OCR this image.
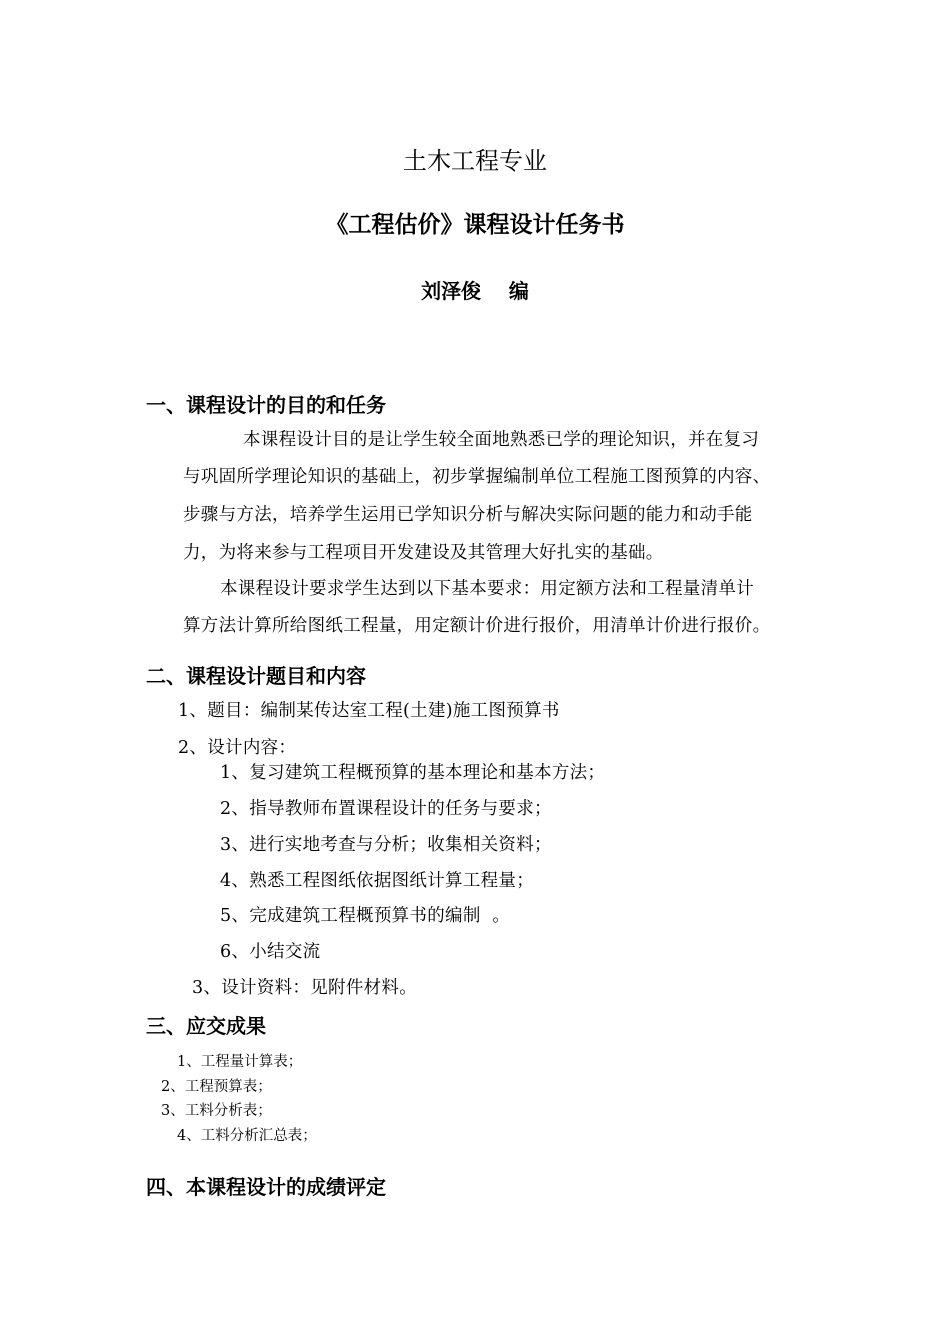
土木工程专业
《工程估价》课程设计任务书
刘泽俊    编
一、课程设计的目的和任务
本课程设计目的是让学生较全面地熟悉已学的理论知识，并在复习
与巩固所学理论知识的基础上，初步掌握编制单位工程施工图预算的内容、
步骤与方法，培养学生运用已学知识分析与解决实际问题的能力和动手能
力，为将来参与工程项目开发建设及其管理大好扎实的基础。
本课程设计要求学生达到以下基本要求：用定额方法和工程量清单计
算方法计算所给图纸工程量，用定额计价进行报价，用清单计价进行报价。
二、课程设计题目和内容
1、题目：编制某传达室工程(土建)施工图预算书
2、设计内容：
1、复习建筑工程概预算的基本理论和基本方法；
2、指导教师布置课程设计的任务与要求；
3、进行实地考查与分析；收集相关资料；
4、熟悉工程图纸依据图纸计算工程量；
5、完成建筑工程概预算书的编制  。
6、小结交流
3、设计资料：见附件材料。
三、应交成果
1、工程量计算表；
2、工程预算表；
3、工料分析表；
4、工料分析汇总表；
四、本课程设计的成绩评定
